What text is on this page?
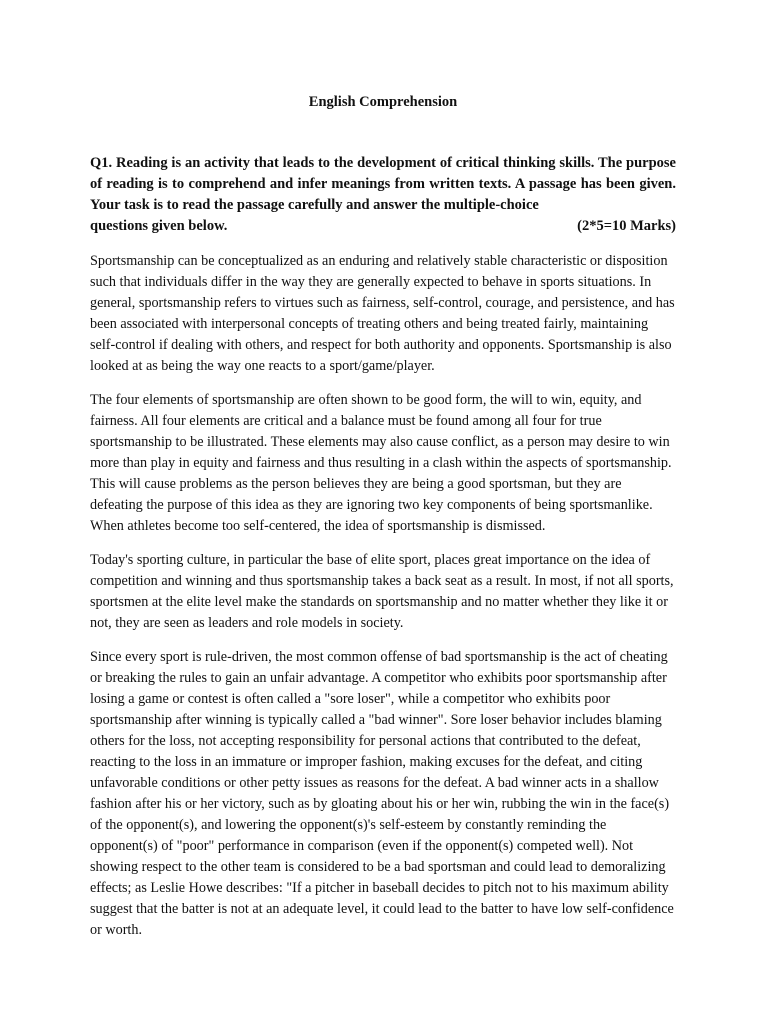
English Comprehension
Q1. Reading is an activity that leads to the development of critical thinking skills. The purpose of reading is to comprehend and infer meanings from written texts. A passage has been given. Your task is to read the passage carefully and answer the multiple-choice
questions given below.	(2*5=10 Marks)

Sportsmanship can be conceptualized as an enduring and relatively stable characteristic or disposition such that individuals differ in the way they are generally expected to behave in sports situations. In general, sportsmanship refers to virtues such as fairness, self-control, courage, and persistence, and has been associated with interpersonal concepts of treating others and being treated fairly, maintaining self-control if dealing with others, and respect for both authority and opponents. Sportsmanship is also looked at as being the way one reacts to a sport/game/player.

The four elements of sportsmanship are often shown to be good form, the will to win, equity, and fairness. All four elements are critical and a balance must be found among all four for true sportsmanship to be illustrated. These elements may also cause conflict, as a person may desire to win more than play in equity and fairness and thus resulting in a clash within the aspects of sportsmanship. This will cause problems as the person believes they are being a good sportsman, but they are defeating the purpose of this idea as they are ignoring two key components of being sportsmanlike. When athletes become too self-centered, the idea of sportsmanship is dismissed.

Today's sporting culture, in particular the base of elite sport, places great importance on the idea of competition and winning and thus sportsmanship takes a back seat as a result. In most, if not all sports, sportsmen at the elite level make the standards on sportsmanship and no matter whether they like it or not, they are seen as leaders and role models in society.

Since every sport is rule-driven, the most common offense of bad sportsmanship is the act of cheating or breaking the rules to gain an unfair advantage. A competitor who exhibits poor sportsmanship after losing a game or contest is often called a "sore loser", while a competitor who exhibits poor sportsmanship after winning is typically called a "bad winner". Sore loser behavior includes blaming others for the loss, not accepting responsibility for personal actions that contributed to the defeat, reacting to the loss in an immature or improper fashion, making excuses for the defeat, and citing unfavorable conditions or other petty issues as reasons for the defeat. A bad winner acts in a shallow fashion after his or her victory, such as by gloating about his or her win, rubbing the win in the face(s) of the opponent(s), and lowering the opponent(s)'s self-esteem by constantly reminding the opponent(s) of "poor" performance in comparison (even if the opponent(s) competed well). Not showing respect to the other team is considered to be a bad sportsman and could lead to demoralizing effects; as Leslie Howe describes: "If a pitcher in baseball decides to pitch not to his maximum ability suggest that the batter is not at an adequate level, it could lead to the batter to have low self-confidence or worth.
